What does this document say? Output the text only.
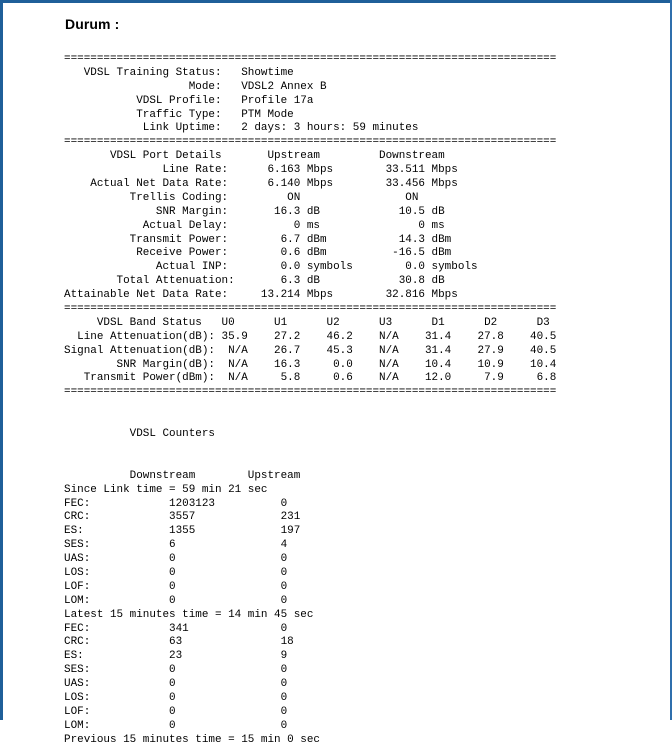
Durum :
===========================================================================
VDSL Training Status:   Showtime
Mode:   VDSL2 Annex B
VDSL Profile:   Profile 17a
Traffic Type:   PTM Mode
Link Uptime:   2 days: 3 hours: 59 minutes
===========================================================================
VDSL Port Details       Upstream         Downstream
Line Rate:      6.163 Mbps        33.511 Mbps
Actual Net Data Rate:      6.140 Mbps        33.456 Mbps
Trellis Coding:         ON                ON
SNR Margin:       16.3 dB            10.5 dB
Actual Delay:          0 ms               0 ms
Transmit Power:        6.7 dBm           14.3 dBm
Receive Power:        0.6 dBm          -16.5 dBm
Actual INP:        0.0 symbols        0.0 symbols
Total Attenuation:       6.3 dB            30.8 dB
Attainable Net Data Rate:     13.214 Mbps        32.816 Mbps
===========================================================================
VDSL Band Status   U0      U1      U2      U3      D1      D2      D3
Line Attenuation(dB): 35.9    27.2    46.2    N/A    31.4    27.8    40.5
Signal Attenuation(dB):  N/A    26.7    45.3    N/A    31.4    27.9    40.5
SNR Margin(dB):  N/A    16.3     0.0    N/A    10.4    10.9    10.4
Transmit Power(dBm):  N/A     5.8     0.6    N/A    12.0     7.9     6.8
===========================================================================
VDSL Counters
Downstream        Upstream
Since Link time = 59 min 21 sec
FEC:            1203123          0
CRC:            3557             231
ES:             1355             197
SES:            6                4
UAS:            0                0
LOS:            0                0
LOF:            0                0
LOM:            0                0
Latest 15 minutes time = 14 min 45 sec
FEC:            341              0
CRC:            63               18
ES:             23               9
SES:            0                0
UAS:            0                0
LOS:            0                0
LOF:            0                0
LOM:            0                0
Previous 15 minutes time = 15 min 0 sec
